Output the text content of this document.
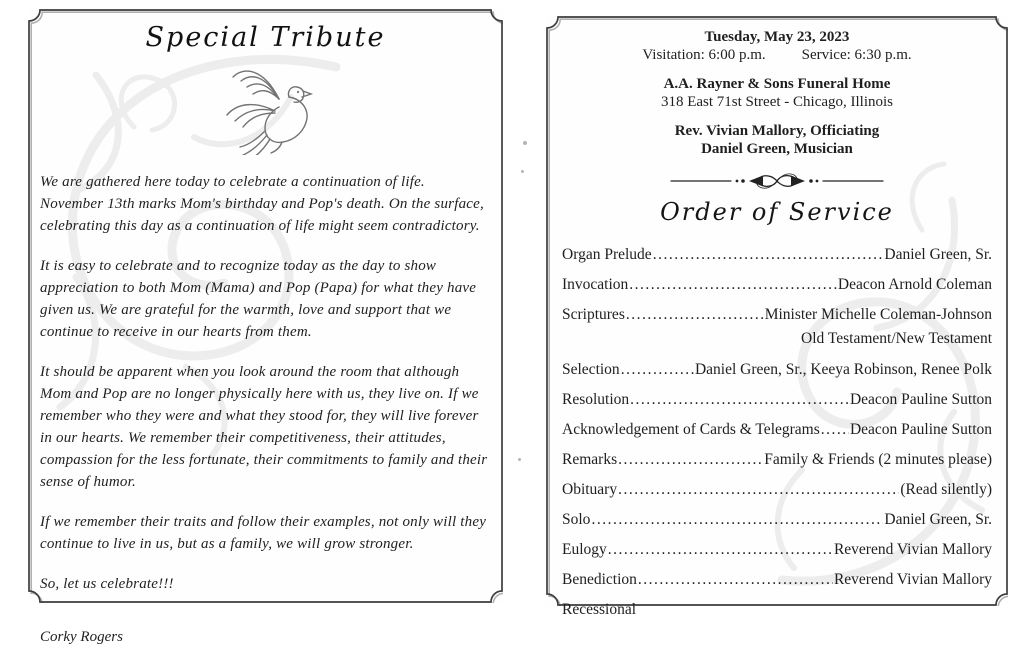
Special Tribute

We are gathered here today to celebrate a continuation of life. November 13th marks Mom's birthday and Pop's death. On the surface, celebrating this day as a continuation of life might seem contradictory.

It is easy to celebrate and to recognize today as the day to show appreciation to both Mom (Mama) and Pop (Papa) for what they have given us. We are grateful for the warmth, love and support that we continue to receive in our hearts from them.

It should be apparent when you look around the room that although Mom and Pop are no longer physically here with us, they live on. If we remember who they were and what they stood for, they will live forever in our hearts. We remember their competitiveness, their attitudes, compassion for the less fortunate, their commitments to family and their sense of humor.

If we remember their traits and follow their examples, not only will they continue to live in us, but as a family, we will grow stronger.

So, let us celebrate!!!

Corky Rogers
Tuesday, May 23, 2023
Visitation: 6:00 p.m. Service: 6:30 p.m.
A.A. Rayner & Sons Funeral Home
318 East 71st Street - Chicago, Illinois
Rev. Vivian Mallory, Officiating
Daniel Green, Musician
Order of Service
Organ Prelude .....	Daniel Green, Sr.
Invocation .....	Deacon Arnold Coleman
Scriptures .....	Minister Michelle Coleman-Johnson
Old Testament/New Testament
Selection .....	Daniel Green, Sr., Keeya Robinson, Renee Polk
Resolution .....	Deacon Pauline Sutton
Acknowledgement of Cards & Telegrams ..... Deacon Pauline Sutton
Remarks .....	Family & Friends (2 minutes please)
Obituary .....	(Read silently)
Solo .....	Daniel Green, Sr.
Eulogy .....	Reverend Vivian Mallory
Benediction .....	Reverend Vivian Mallory
Recessional
